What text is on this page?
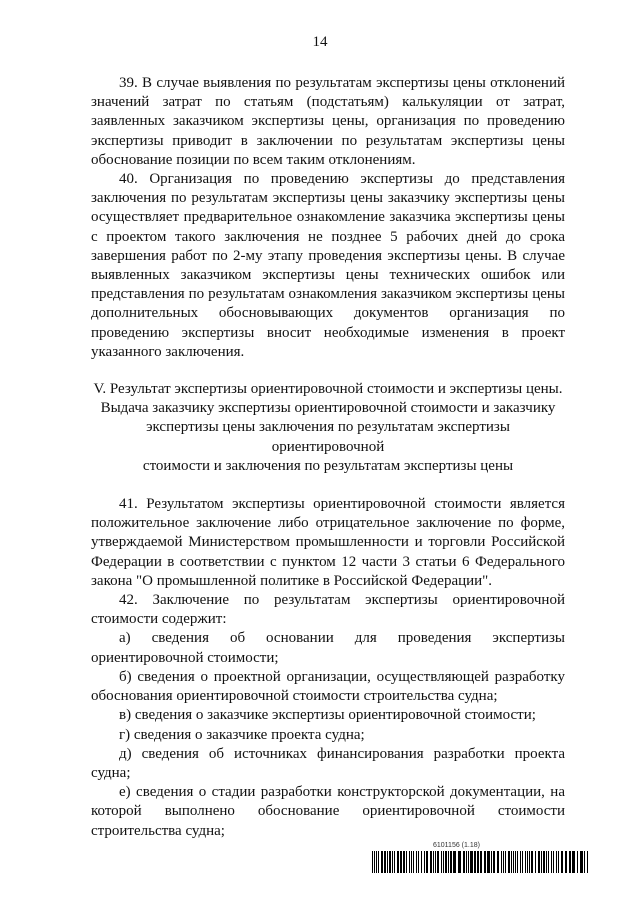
14

39. В случае выявления по результатам экспертизы цены отклонений значений затрат по статьям (подстатьям) калькуляции от затрат, заявленных заказчиком экспертизы цены, организация по проведению экспертизы приводит в заключении по результатам экспертизы цены обоснование позиции по всем таким отклонениям.

40. Организация по проведению экспертизы до представления заключения по результатам экспертизы цены заказчику экспертизы цены осуществляет предварительное ознакомление заказчика экспертизы цены с проектом такого заключения не позднее 5 рабочих дней до срока завершения работ по 2-му этапу проведения экспертизы цены. В случае выявленных заказчиком экспертизы цены технических ошибок или представления по результатам ознакомления заказчиком экспертизы цены дополнительных обосновывающих документов организация по проведению экспертизы вносит необходимые изменения в проект указанного заключения.

V. Результат экспертизы ориентировочной стоимости и экспертизы цены.
Выдача заказчику экспертизы ориентировочной стоимости и заказчику
экспертизы цены заключения по результатам экспертизы ориентировочной
стоимости и заключения по результатам экспертизы цены

41. Результатом экспертизы ориентировочной стоимости является положительное заключение либо отрицательное заключение по форме, утверждаемой Министерством промышленности и торговли Российской Федерации в соответствии с пунктом 12 части 3 статьи 6 Федерального закона "О промышленной политике в Российской Федерации".

42. Заключение по результатам экспертизы ориентировочной стоимости содержит:

а) сведения об основании для проведения экспертизы ориентировочной стоимости;

б) сведения о проектной организации, осуществляющей разработку обоснования ориентировочной стоимости строительства судна;

в) сведения о заказчике экспертизы ориентировочной стоимости;

г) сведения о заказчике проекта судна;

д) сведения об источниках финансирования разработки проекта судна;

е) сведения о стадии разработки конструкторской документации, на которой выполнено обоснование ориентировочной стоимости строительства судна;

6101156 (1.18)
